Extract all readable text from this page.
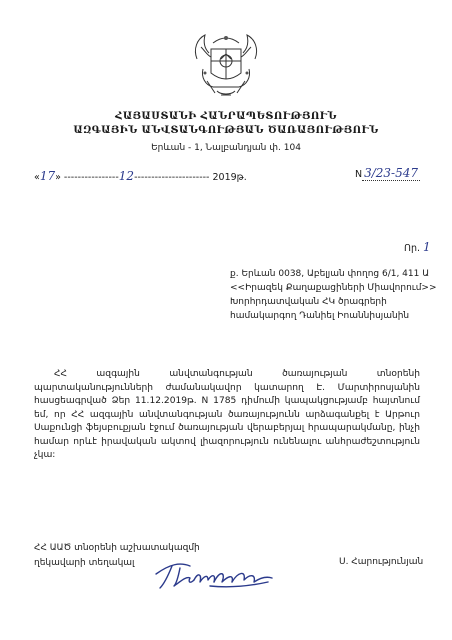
ՀԱՅԱՍՏԱՆԻ ՀԱՆՐԱՊԵՏՈՒԹՅՈՒՆ
ԱԶԳԱՅԻՆ ԱՆՎՏԱՆԳՈՒԹՅԱՆ ԾԱՌԱՅՈՒԹՅՈՒՆ
Երևան - 1, Նալբանդյան փ. 104
«17» ----------------12---------------------- 2019թ.	N 3/23-547
Որ. 1
ք. Երևան 0038, Աբելյան փողոց 6/1, 411 Ա
<<Իրազեկ Քաղաքացիների Միավորում>>
Խորհրդատվական ՀԿ ծրագրերի
համակարգող Դանիել Իոաննիսյանին
ՀՀ ազգային անվտանգության ծառայության տնօրենի պարտականությունների ժամանակավոր կատարող Է. Մարտիրոսյանին հասցեագրված Ձեր 11.12.2019թ. N 1785 դիմումի կապակցությամբ հայտնում եմ, որ ՀՀ ազգային անվտանգության ծառայությունն արձագանքել է Արթուր Սաքունցի ֆեյսբուքյան էջում ծառայության վերաբերյալ հրապարակմանը, ինչի համար որևէ իրավական ակտով լիազորություն ունենալու անհրաժեշտություն չկա:
ՀՀ ԱԱԾ տնօրենի աշխատակազմի
ղեկավարի տեղակալ	Ս. Հարությունյան
